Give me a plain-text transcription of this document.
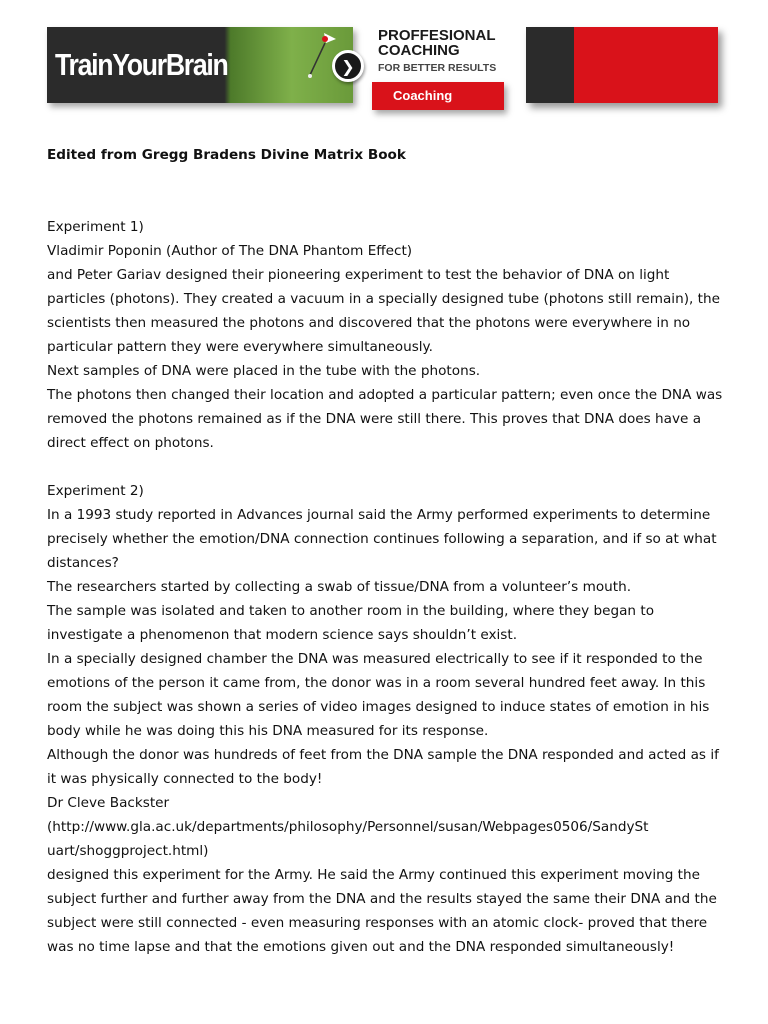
TrainYourBrain	❯
PROFFESIONAL COACHING
FOR BETTER RESULTS
Coaching

Edited from Gregg Bradens Divine Matrix Book

Experiment 1)

Vladimir Poponin (Author of The DNA Phantom Effect)

and Peter Gariav designed their pioneering experiment to test the behavior of DNA on light particles (photons). They created a vacuum in a specially designed tube (photons still remain), the scientists then measured the photons and discovered that the photons were everywhere in no particular pattern they were everywhere simultaneously.

Next samples of DNA were placed in the tube with the photons.

The photons then changed their location and adopted a particular pattern; even once the DNA was removed the photons remained as if the DNA were still there. This proves that DNA does have a direct effect on photons.

Experiment 2)

In a 1993 study reported in Advances journal said the Army performed experiments to determine precisely whether the emotion/DNA connection continues following a separation, and if so at what distances?

The researchers started by collecting a swab of tissue/DNA from a volunteer’s mouth.

The sample was isolated and taken to another room in the building, where they began to investigate a phenomenon that modern science says shouldn’t exist.

In a specially designed chamber the DNA was measured electrically to see if it responded to the emotions of the person it came from, the donor was in a room several hundred feet away. In this room the subject was shown a series of video images designed to induce states of emotion in his body while he was doing this his DNA measured for its response.

Although the donor was hundreds of feet from the DNA sample the DNA responded and acted as if it was physically connected to the body!

Dr Cleve Backster

(http://www.gla.ac.uk/departments/philosophy/Personnel/susan/Webpages0506/SandySt uart/shoggproject.html)

designed this experiment for the Army. He said the Army continued this experiment moving the subject further and further away from the DNA and the results stayed the same their DNA and the subject were still connected - even measuring responses with an atomic clock- proved that there was no time lapse and that the emotions given out and the DNA responded simultaneously!
